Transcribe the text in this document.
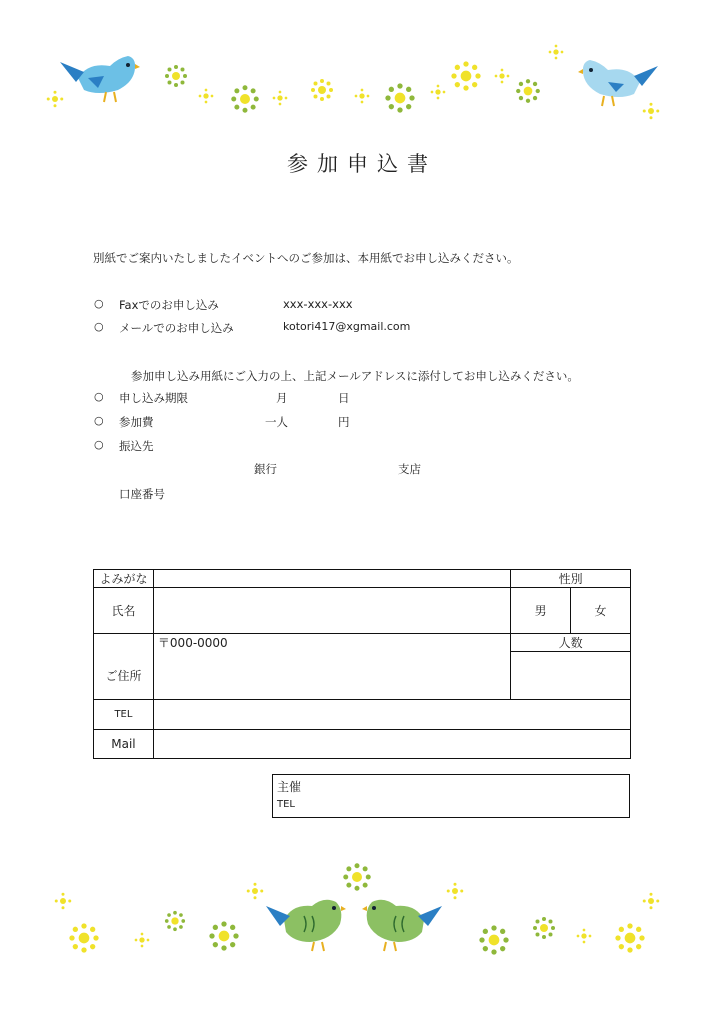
参加申込書
別紙でご案内いたしましたイベントへのご参加は、本用紙でお申し込みください。
○ Faxでのお申し込み	xxx-xxx-xxx
○ メールでのお申し込み	kotori417@xgmail.com
参加申し込み用紙にご入力の上、上記メールアドレスに添付してお申し込みください。
○ 申し込み期限	月	日
○ 参加費	一人	円
○ 振込先
銀行	支店
口座番号
よみがな		性別	
氏名		男	女
ご住所	〒000-0000	人数	

TEL			
Mail			
主催
TEL
